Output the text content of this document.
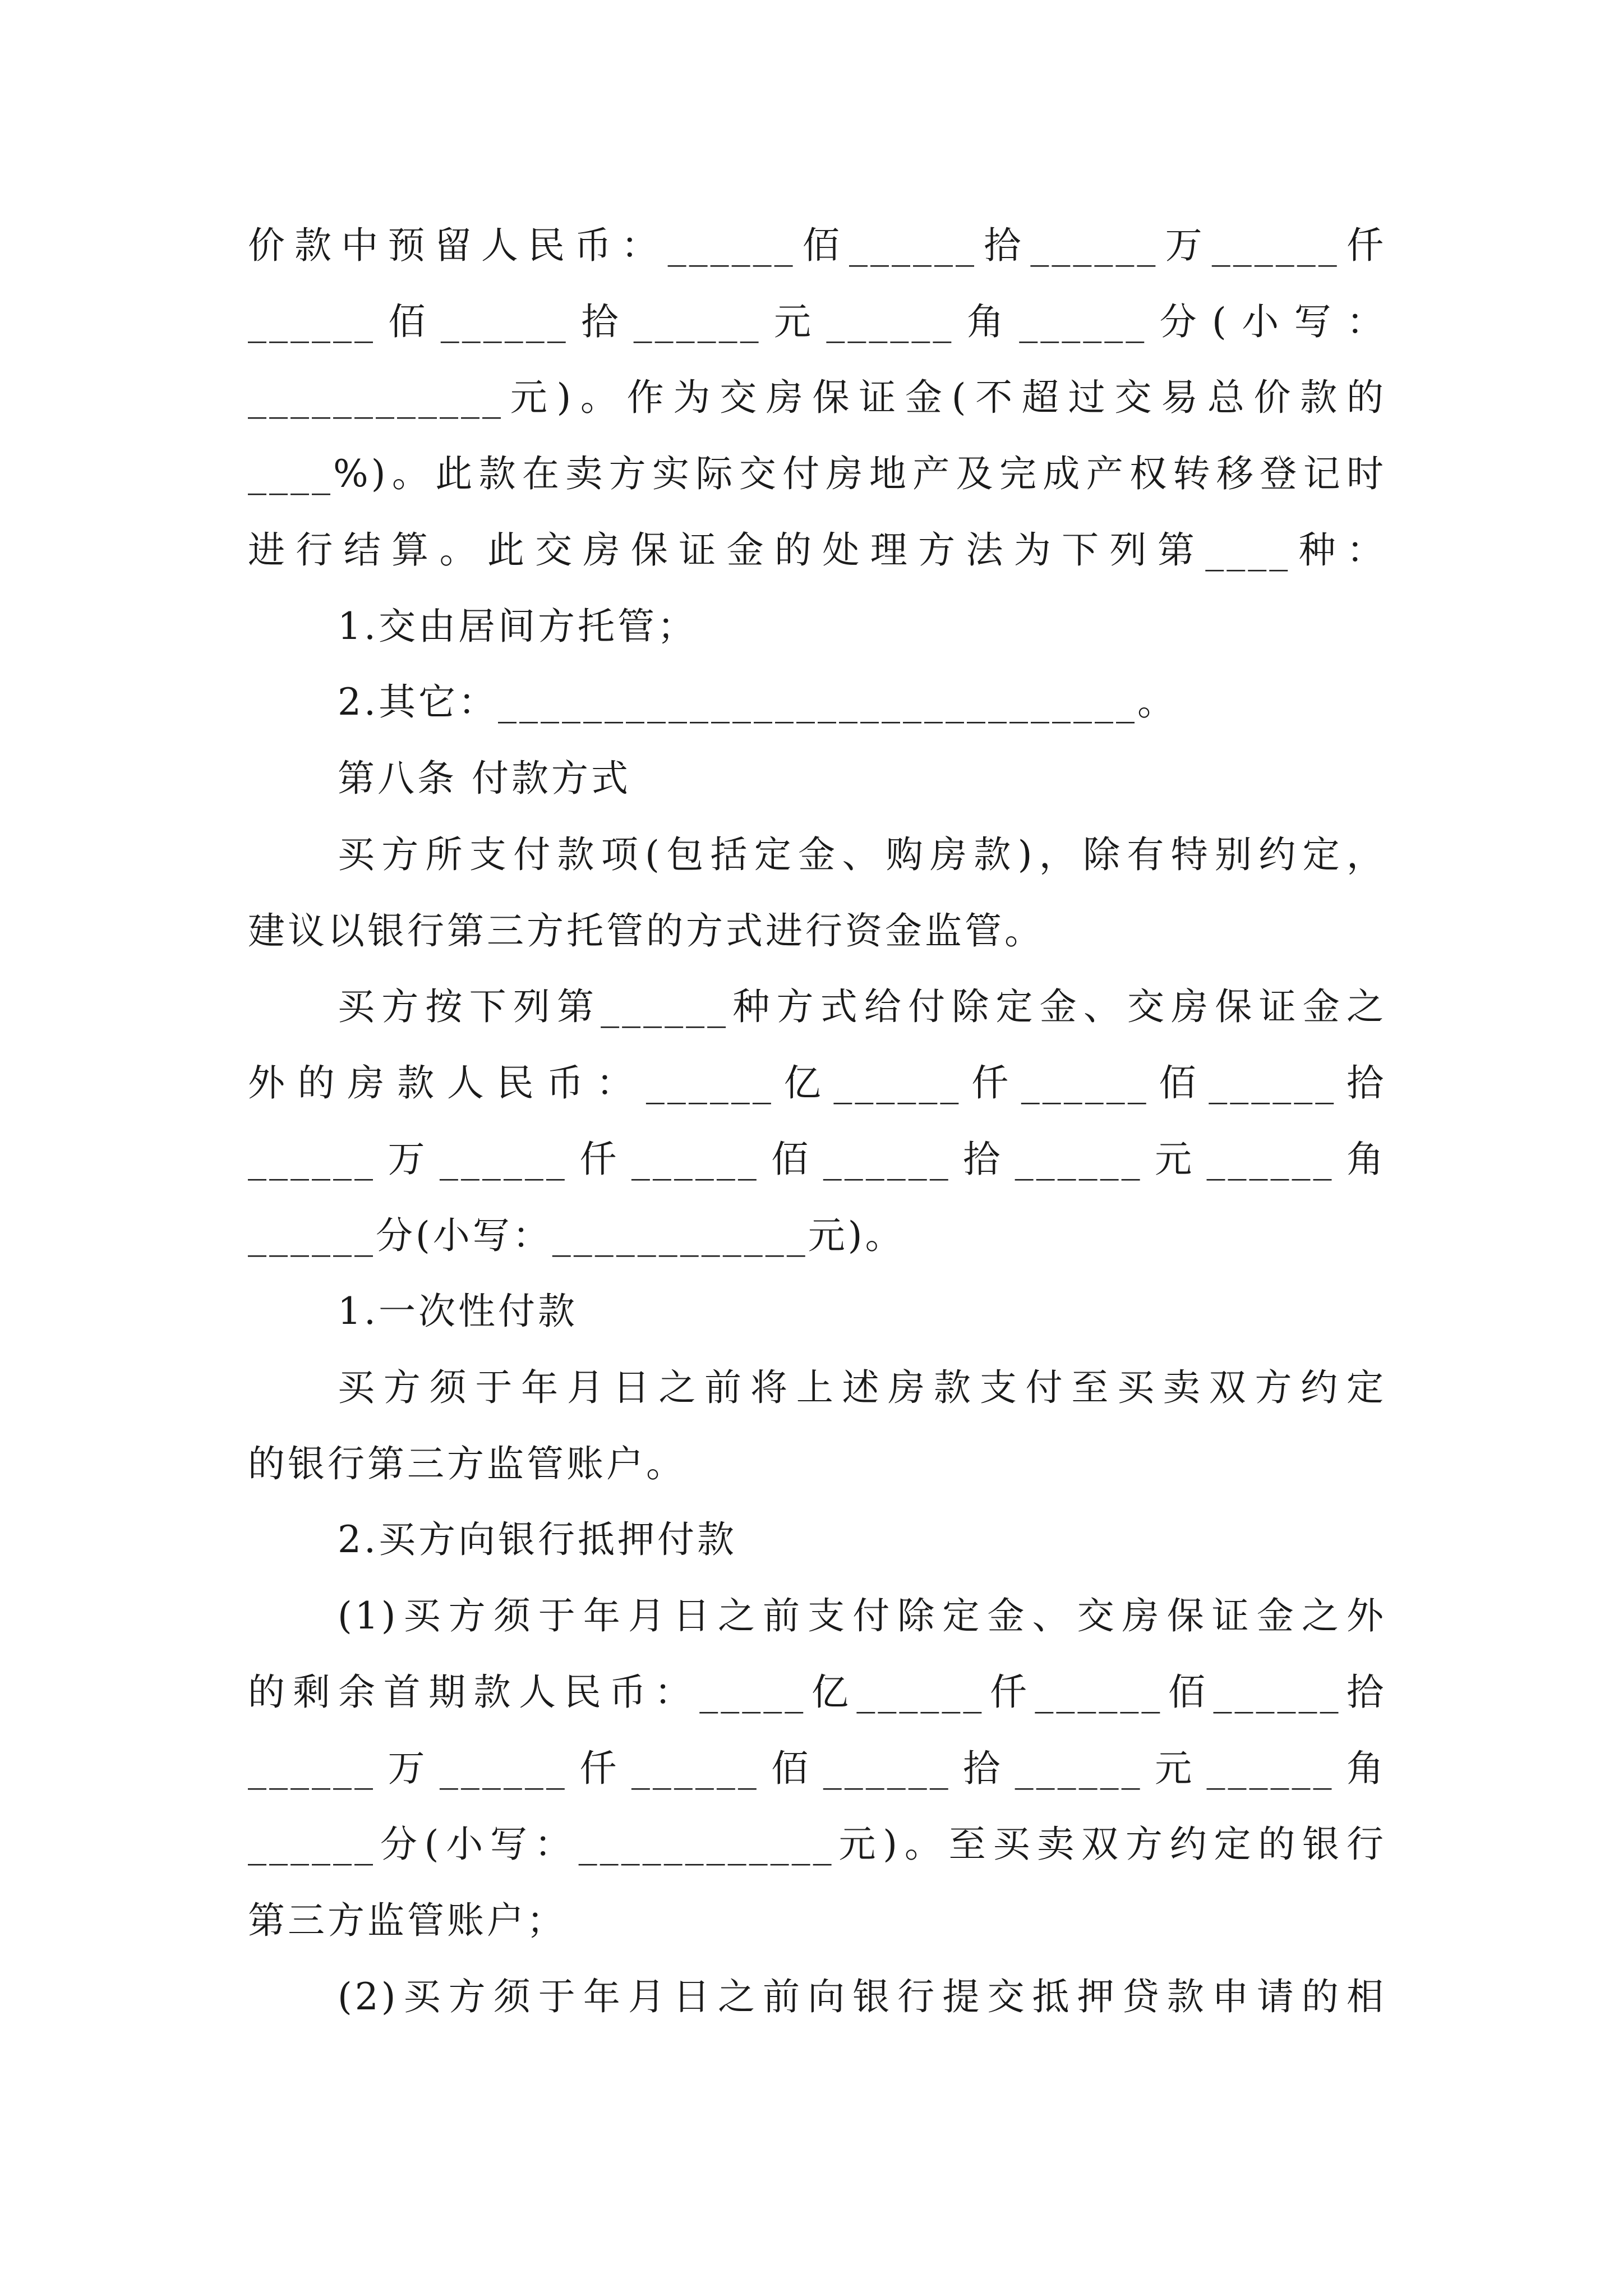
价款中预留人民币：______佰______拾______万______仟
______佰______拾______元______角______分(小写：
____________元)。作为交房保证金(不超过交易总价款的
____%)。此款在卖方实际交付房地产及完成产权转移登记时
进行结算。此交房保证金的处理方法为下列第____种：
1.交由居间方托管；
2.其它：______________________________。
第八条 付款方式
买方所支付款项(包括定金、购房款)，除有特别约定，
建议以银行第三方托管的方式进行资金监管。
买方按下列第______种方式给付除定金、交房保证金之
外的房款人民币：______亿______仟______佰______拾
______万______仟______佰______拾______元______角
______分(小写：____________元)。
1.一次性付款
买方须于年月日之前将上述房款支付至买卖双方约定
的银行第三方监管账户。
2.买方向银行抵押付款
(1)买方须于年月日之前支付除定金、交房保证金之外
的剩余首期款人民币：_____亿______仟______佰______拾
______万______仟______佰______拾______元______角
______分(小写：____________元)。至买卖双方约定的银行
第三方监管账户；
(2)买方须于年月日之前向银行提交抵押贷款申请的相
